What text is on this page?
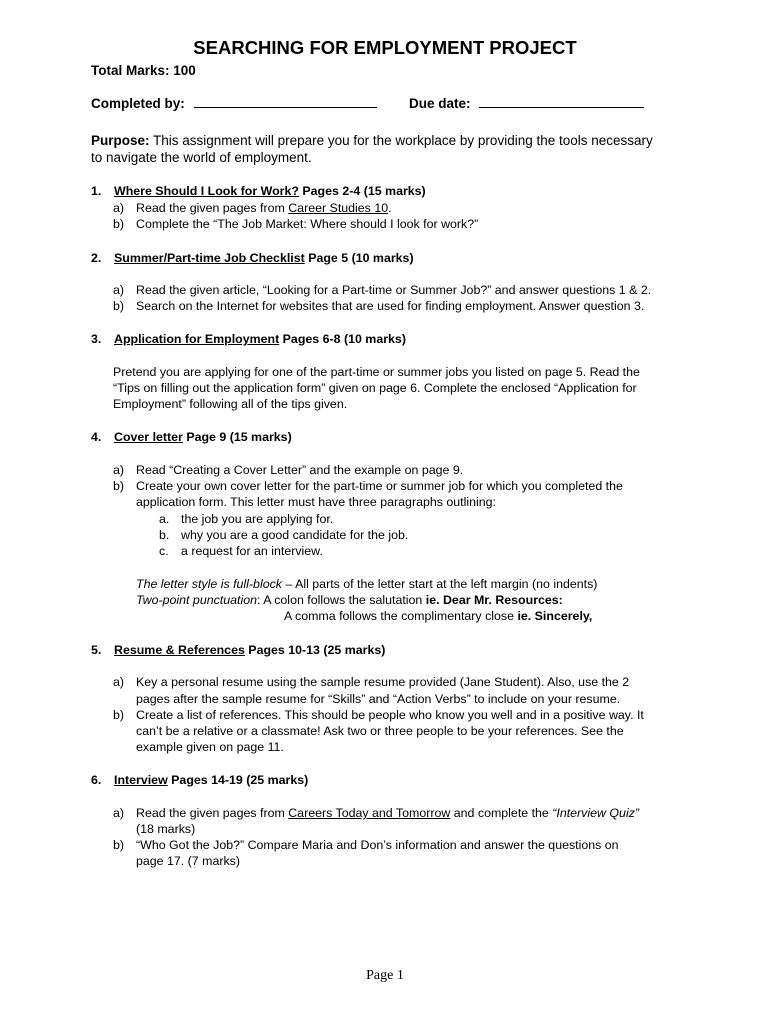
SEARCHING FOR EMPLOYMENT PROJECT
Total Marks: 100
Completed by:	Due date:
Purpose: This assignment will prepare you for the workplace by providing the tools necessary
to navigate the world of employment.
1. Where Should I Look for Work? Pages 2-4 (15 marks)
a) Read the given pages from Career Studies 10.
b) Complete the “The Job Market: Where should I look for work?”
2. Summer/Part-time Job Checklist Page 5 (10 marks)
a) Read the given article, “Looking for a Part-time or Summer Job?” and answer questions 1 & 2.
b) Search on the Internet for websites that are used for finding employment. Answer question 3.
3. Application for Employment Pages 6-8 (10 marks)
Pretend you are applying for one of the part-time or summer jobs you listed on page 5. Read the
“Tips on filling out the application form” given on page 6. Complete the enclosed “Application for
Employment” following all of the tips given.
4. Cover letter Page 9 (15 marks)
a) Read “Creating a Cover Letter” and the example on page 9.
b) Create your own cover letter for the part-time or summer job for which you completed the
application form. This letter must have three paragraphs outlining:
a. the job you are applying for.
b. why you are a good candidate for the job.
c. a request for an interview.
The letter style is full-block – All parts of the letter start at the left margin (no indents)
Two-point punctuation: A colon follows the salutation ie. Dear Mr. Resources:
A comma follows the complimentary close ie. Sincerely,
5. Resume & References Pages 10-13 (25 marks)
a) Key a personal resume using the sample resume provided (Jane Student). Also, use the 2
pages after the sample resume for “Skills” and “Action Verbs” to include on your resume.
b) Create a list of references. This should be people who know you well and in a positive way. It
can’t be a relative or a classmate! Ask two or three people to be your references. See the
example given on page 11.
6. Interview Pages 14-19 (25 marks)
a) Read the given pages from Careers Today and Tomorrow and complete the “Interview Quiz”
(18 marks)
b) “Who Got the Job?” Compare Maria and Don’s information and answer the questions on
page 17. (7 marks)
Page 1
